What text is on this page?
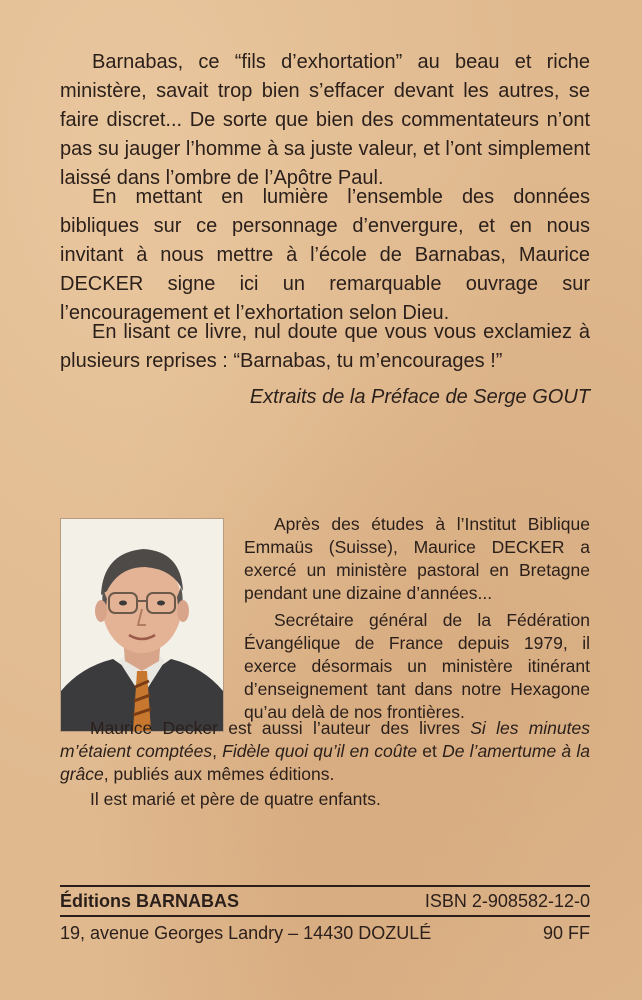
Barnabas, ce “fils d’exhortation” au beau et riche ministère, savait trop bien s’effacer devant les autres, se faire discret... De sorte que bien des commentateurs n’ont pas su jauger l’homme à sa juste valeur, et l’ont simplement laissé dans l’ombre de l’Apôtre Paul.

En mettant en lumière l’ensemble des données bibliques sur ce personnage d’envergure, et en nous invitant à nous mettre à l’école de Barnabas, Maurice DECKER signe ici un remarquable ouvrage sur l’encouragement et l’exhortation selon Dieu.

En lisant ce livre, nul doute que vous vous exclamiez à plusieurs reprises : “Barnabas, tu m’encourages !”

Extraits de la Préface de Serge GOUT

Après des études à l’Institut Biblique Emmaüs (Suisse), Maurice DECKER a exercé un ministère pastoral en Bretagne pendant une dizaine d’années...

Secrétaire général de la Fédération Évangélique de France depuis 1979, il exerce désormais un ministère itinérant d’enseignement tant dans notre Hexagone qu’au delà de nos frontières.

Maurice Decker est aussi l’auteur des livres Si les minutes m’étaient comptées, Fidèle quoi qu’il en coûte et De l’amertume à la grâce, publiés aux mêmes éditions.

Il est marié et père de quatre enfants.

Éditions BARNABAS	ISBN 2-908582-12-0

19, avenue Georges Landry – 14430 DOZULÉ	90 FF
